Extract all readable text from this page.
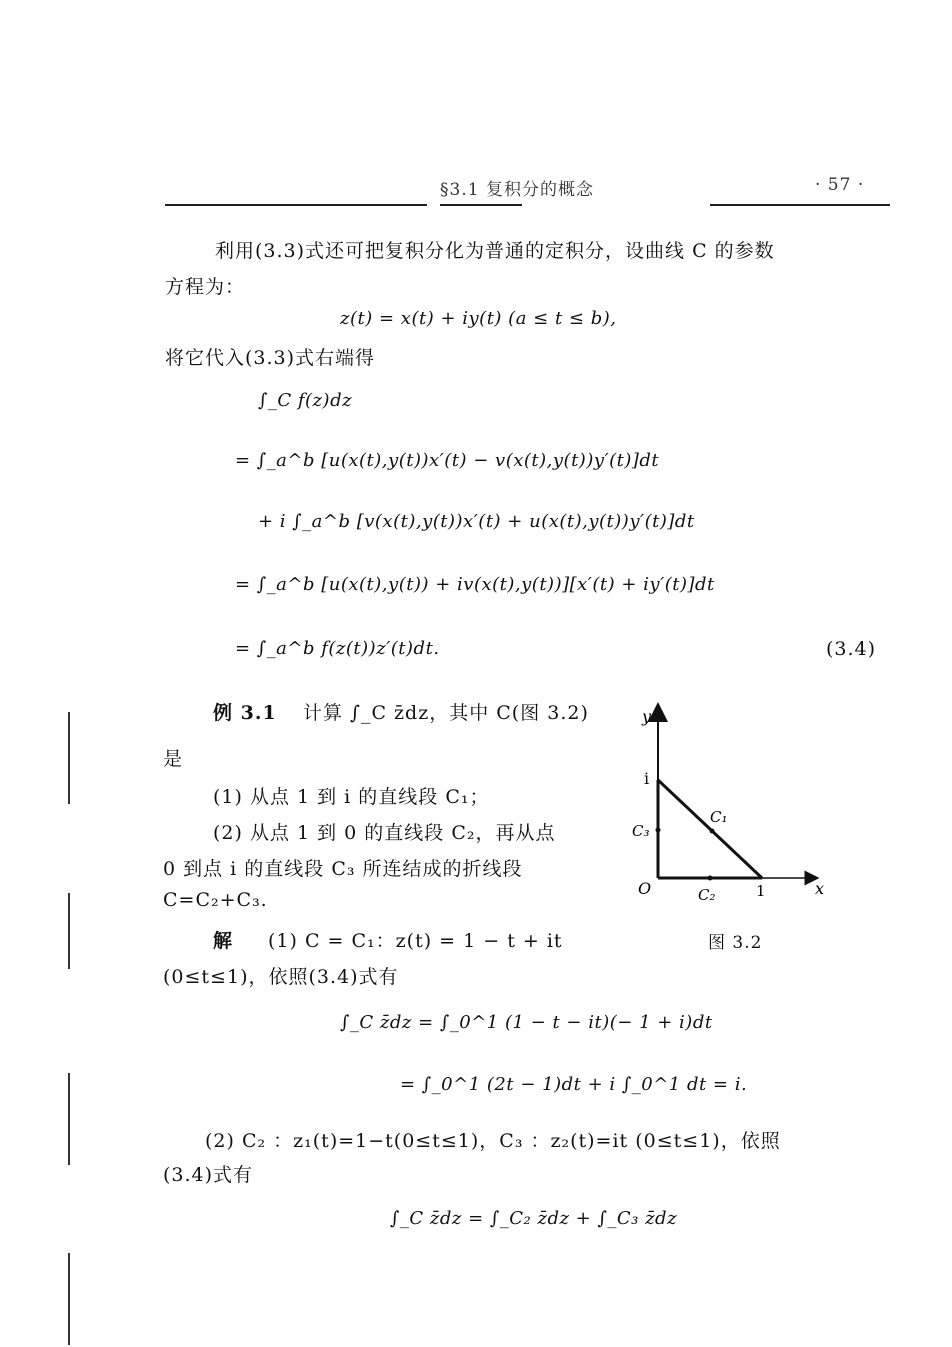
§3.1 复积分的概念	· 57 ·
利用(3.3)式还可把复积分化为普通的定积分，设曲线 C 的参数
方程为：
z(t) = x(t) + iy(t) (a ≤ t ≤ b),
将它代入(3.3)式右端得
∫_C f(z)dz
= ∫_a^b [u(x(t),y(t))x′(t) − v(x(t),y(t))y′(t)]dt
+ i ∫_a^b [v(x(t),y(t))x′(t) + u(x(t),y(t))y′(t)]dt
= ∫_a^b [u(x(t),y(t)) + iv(x(t),y(t))][x′(t) + iy′(t)]dt
= ∫_a^b f(z(t))z′(t)dt.	(3.4)
例 3.1 计算 ∫_C z̄dz，其中 C(图 3.2)
是
(1) 从点 1 到 i 的直线段 C₁；
(2) 从点 1 到 0 的直线段 C₂，再从点
0 到点 i 的直线段 C₃ 所连结成的折线段
C=C₂+C₃.
解 (1) C = C₁：z(t) = 1 − t + it
(0≤t≤1)，依照(3.4)式有
∫_C z̄dz = ∫_0^1 (1 − t − it)(− 1 + i)dt
= ∫_0^1 (2t − 1)dt + i ∫_0^1 dt = i.
(2) C₂ ：z₁(t)=1−t(0≤t≤1)，C₃ ：z₂(t)=it (0≤t≤1)，依照
(3.4)式有
∫_C z̄dz = ∫_C₂ z̄dz + ∫_C₃ z̄dz
y
x
O
i
1
C₁
C₂
C₃
图 3.2
